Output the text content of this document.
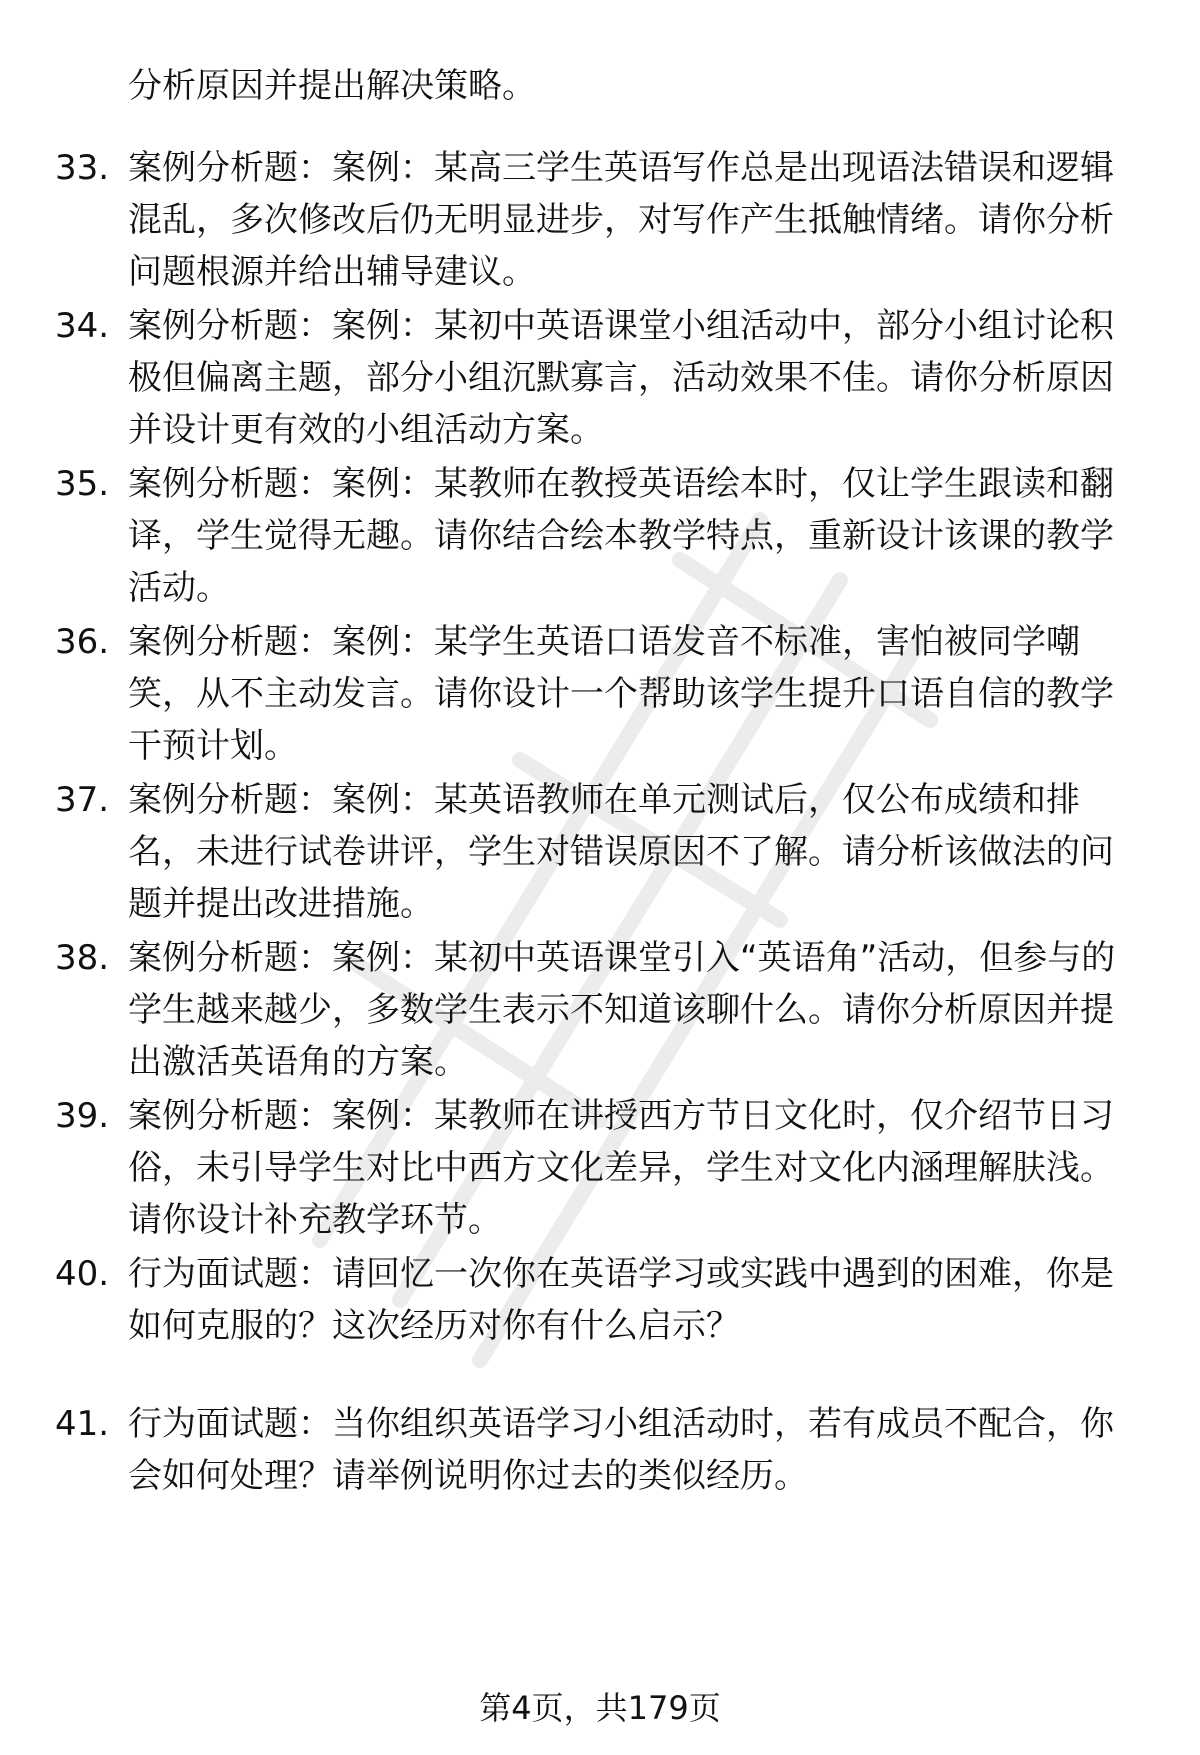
分析原因并提出解决策略。
33. 案例分析题：案例：某高三学生英语写作总是出现语法错误和逻辑混乱，多次修改后仍无明显进步，对写作产生抵触情绪。请你分析问题根源并给出辅导建议。
34. 案例分析题：案例：某初中英语课堂小组活动中，部分小组讨论积极但偏离主题，部分小组沉默寡言，活动效果不佳。请你分析原因并设计更有效的小组活动方案。
35. 案例分析题：案例：某教师在教授英语绘本时，仅让学生跟读和翻译，学生觉得无趣。请你结合绘本教学特点，重新设计该课的教学活动。
36. 案例分析题：案例：某学生英语口语发音不标准，害怕被同学嘲笑，从不主动发言。请你设计一个帮助该学生提升口语自信的教学干预计划。
37. 案例分析题：案例：某英语教师在单元测试后，仅公布成绩和排名，未进行试卷讲评，学生对错误原因不了解。请分析该做法的问题并提出改进措施。
38. 案例分析题：案例：某初中英语课堂引入“英语角”活动，但参与的学生越来越少，多数学生表示不知道该聊什么。请你分析原因并提出激活英语角的方案。
39. 案例分析题：案例：某教师在讲授西方节日文化时，仅介绍节日习俗，未引导学生对比中西方文化差异，学生对文化内涵理解肤浅。请你设计补充教学环节。
40. 行为面试题：请回忆一次你在英语学习或实践中遇到的困难，你是如何克服的？这次经历对你有什么启示？
41. 行为面试题：当你组织英语学习小组活动时，若有成员不配合，你会如何处理？请举例说明你过去的类似经历。
第4页，共179页
